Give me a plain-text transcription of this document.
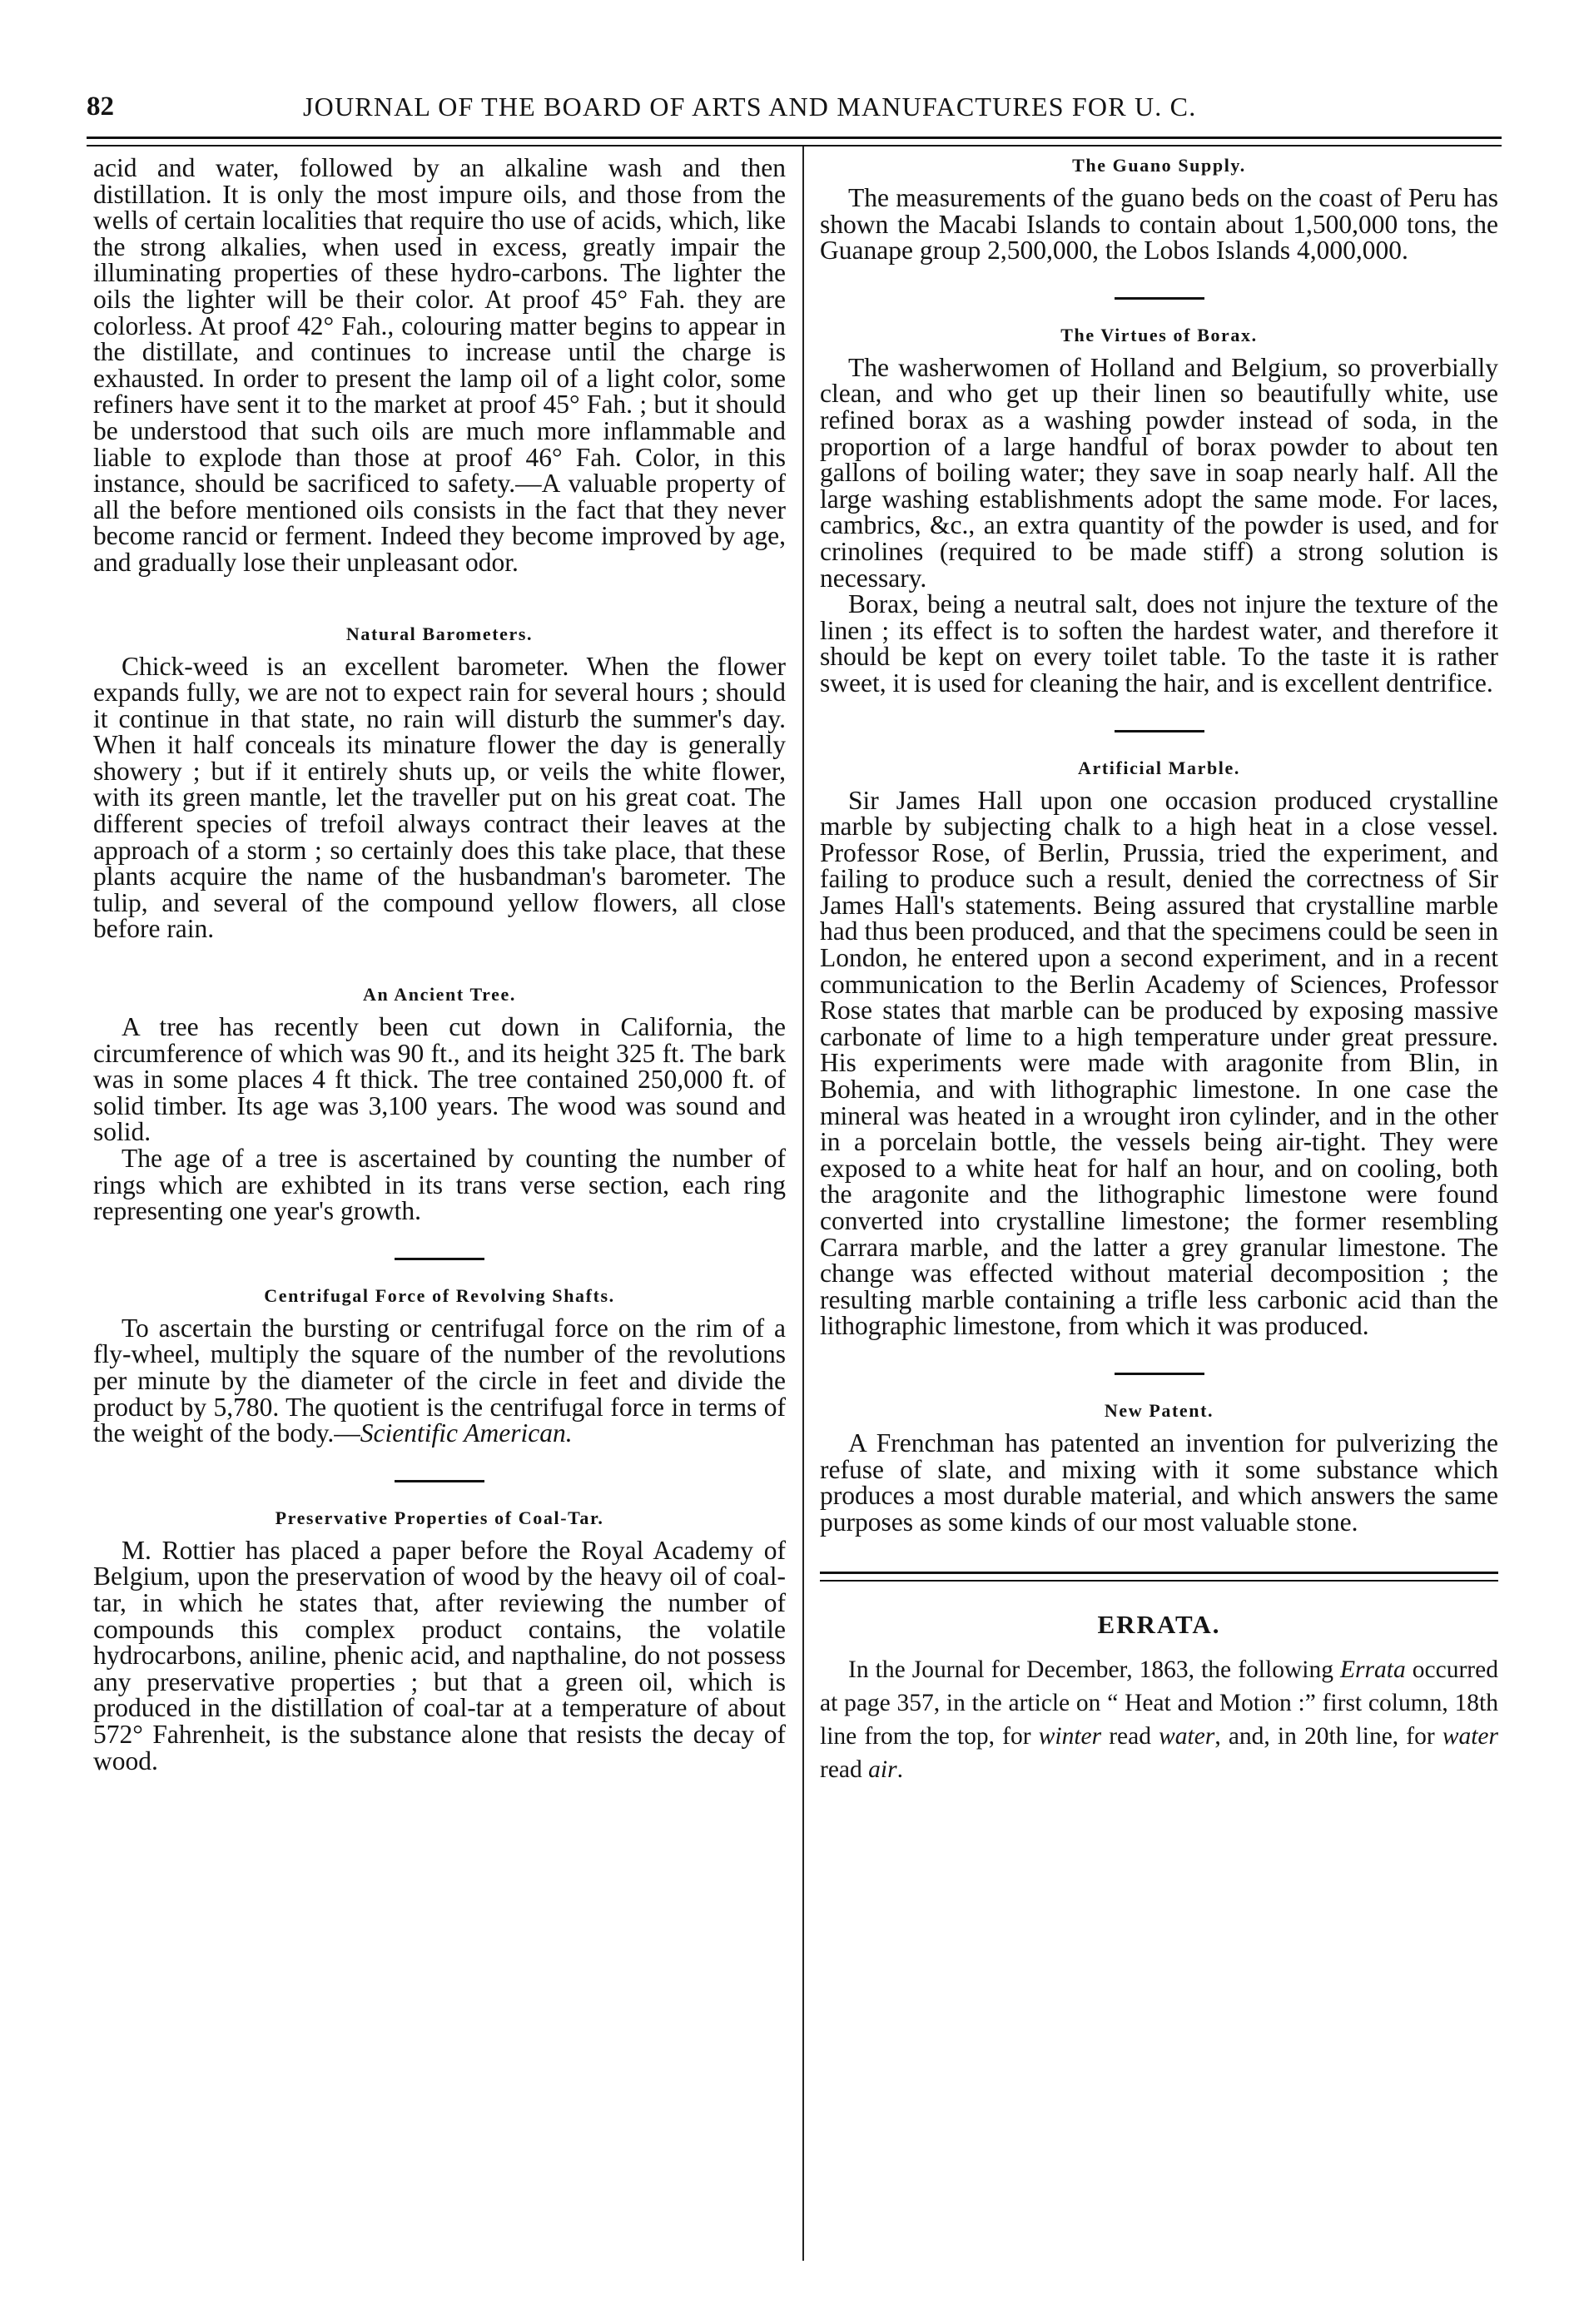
82	JOURNAL OF THE BOARD OF ARTS AND MANUFACTURES FOR U. C.

acid and water, followed by an alkaline wash and then distillation. It is only the most impure oils, and those from the wells of certain localities that require tho use of acids, which, like the strong alkalies, when used in excess, greatly impair the illuminating properties of these hydro-carbons. The lighter the oils the lighter will be their color. At proof 45° Fah. they are colorless. At proof 42° Fah., colouring matter begins to appear in the distillate, and continues to increase until the charge is exhausted. In order to present the lamp oil of a light color, some refiners have sent it to the market at proof 45° Fah. ; but it should be understood that such oils are much more inflammable and liable to explode than those at proof 46° Fah. Color, in this instance, should be sacrificed to safety.—A valuable property of all the before mentioned oils consists in the fact that they never become rancid or ferment. Indeed they become improved by age, and gradually lose their unpleasant odor.

Natural Barometers.

Chick-weed is an excellent barometer. When the flower expands fully, we are not to expect rain for several hours ; should it continue in that state, no rain will disturb the summer's day. When it half conceals its minature flower the day is generally showery ; but if it entirely shuts up, or veils the white flower, with its green mantle, let the traveller put on his great coat. The different species of trefoil always contract their leaves at the approach of a storm ; so certainly does this take place, that these plants acquire the name of the husbandman's barometer. The tulip, and several of the compound yellow flowers, all close before rain.

An Ancient Tree.

A tree has recently been cut down in California, the circumference of which was 90 ft., and its height 325 ft. The bark was in some places 4 ft thick. The tree contained 250,000 ft. of solid timber. Its age was 3,100 years. The wood was sound and solid.

The age of a tree is ascertained by counting the number of rings which are exhibted in its trans verse section, each ring representing one year's growth.

Centrifugal Force of Revolving Shafts.

To ascertain the bursting or centrifugal force on the rim of a fly-wheel, multiply the square of the number of the revolutions per minute by the diameter of the circle in feet and divide the product by 5,780. The quotient is the centrifugal force in terms of the weight of the body.—Scientific American.

Preservative Properties of Coal-Tar.

M. Rottier has placed a paper before the Royal Academy of Belgium, upon the preservation of wood by the heavy oil of coal-tar, in which he states that, after reviewing the number of compounds this complex product contains, the volatile hydrocarbons, aniline, phenic acid, and napthaline, do not possess any preservative properties ; but that a green oil, which is produced in the distillation of coal-tar at a temperature of about 572° Fahrenheit, is the substance alone that resists the decay of wood.

The Guano Supply.

The measurements of the guano beds on the coast of Peru has shown the Macabi Islands to contain about 1,500,000 tons, the Guanape group 2,500,000, the Lobos Islands 4,000,000.

The Virtues of Borax.

The washerwomen of Holland and Belgium, so proverbially clean, and who get up their linen so beautifully white, use refined borax as a washing powder instead of soda, in the proportion of a large handful of borax powder to about ten gallons of boiling water; they save in soap nearly half. All the large washing establishments adopt the same mode. For laces, cambrics, &c., an extra quantity of the powder is used, and for crinolines (required to be made stiff) a strong solution is necessary.

Borax, being a neutral salt, does not injure the texture of the linen ; its effect is to soften the hardest water, and therefore it should be kept on every toilet table. To the taste it is rather sweet, it is used for cleaning the hair, and is excellent dentrifice.

Artificial Marble.

Sir James Hall upon one occasion produced crystalline marble by subjecting chalk to a high heat in a close vessel. Professor Rose, of Berlin, Prussia, tried the experiment, and failing to produce such a result, denied the correctness of Sir James Hall's statements. Being assured that crystalline marble had thus been produced, and that the specimens could be seen in London, he entered upon a second experiment, and in a recent communication to the Berlin Academy of Sciences, Professor Rose states that marble can be produced by exposing massive carbonate of lime to a high temperature under great pressure. His experiments were made with aragonite from Blin, in Bohemia, and with lithographic limestone. In one case the mineral was heated in a wrought iron cylinder, and in the other in a porcelain bottle, the vessels being air-tight. They were exposed to a white heat for half an hour, and on cooling, both the aragonite and the lithographic limestone were found converted into crystalline limestone; the former resembling Carrara marble, and the latter a grey granular limestone. The change was effected without material decomposition ; the resulting marble containing a trifle less carbonic acid than the lithographic limestone, from which it was produced.

New Patent.

A Frenchman has patented an invention for pulverizing the refuse of slate, and mixing with it some substance which produces a most durable material, and which answers the same purposes as some kinds of our most valuable stone.

ERRATA.

In the Journal for December, 1863, the following Errata occurred at page 357, in the article on “ Heat and Motion :” first column, 18th line from the top, for winter read water, and, in 20th line, for water read air.
